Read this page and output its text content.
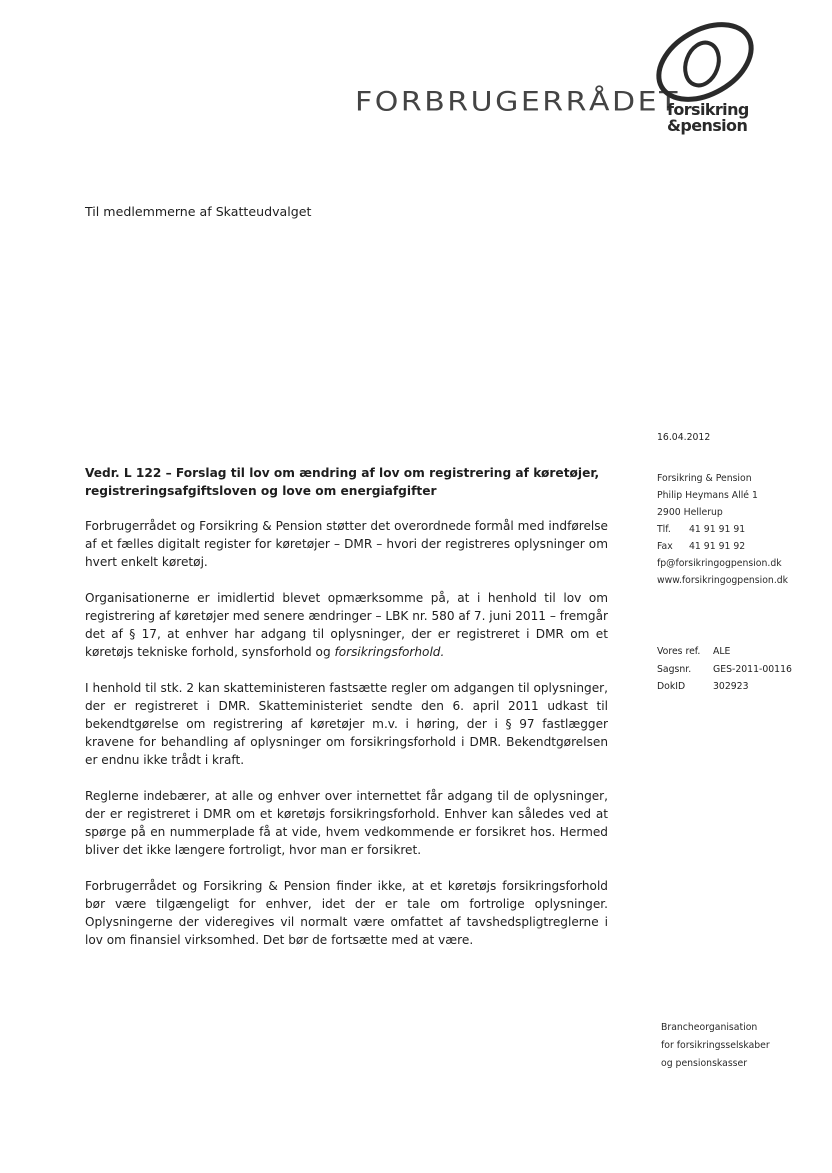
FORBRUGERRÅDET
forsikring
&pension

Til medlemmerne af Skatteudvalget

16.04.2012
Forsikring & Pension
Philip Heymans Allé 1
2900 Hellerup
Tlf.	41 91 91 91
Fax	41 91 91 92
fp@forsikringogpension.dk
www.forsikringogpension.dk
Vores ref.	ALE
Sagsnr.	GES-2011-00116
DokID	302923
Vedr. L 122 – Forslag til lov om ændring af lov om registrering af køretøjer, registreringsafgiftsloven og love om energiafgifter

Forbrugerrådet og Forsikring & Pension støtter det overordnede formål med indførelse af et fælles digitalt register for køretøjer – DMR – hvori der registreres oplysninger om hvert enkelt køretøj.

Organisationerne er imidlertid blevet opmærksomme på, at i henhold til lov om registrering af køretøjer med senere ændringer – LBK nr. 580 af 7. juni 2011 – fremgår det af § 17, at enhver har adgang til oplysninger, der er registreret i DMR om et køretøjs tekniske forhold, synsforhold og forsikringsforhold.

I henhold til stk. 2 kan skatteministeren fastsætte regler om adgangen til oplysninger, der er registreret i DMR. Skatteministeriet sendte den 6. april 2011 udkast til bekendtgørelse om registrering af køretøjer m.v. i høring, der i § 97 fastlægger kravene for behandling af oplysninger om forsikringsforhold i DMR. Bekendtgørelsen er endnu ikke trådt i kraft.

Reglerne indebærer, at alle og enhver over internettet får adgang til de oplysninger, der er registreret i DMR om et køretøjs forsikringsforhold. Enhver kan således ved at spørge på en nummerplade få at vide, hvem vedkommende er forsikret hos. Hermed bliver det ikke længere fortroligt, hvor man er forsikret.

Forbrugerrådet og Forsikring & Pension finder ikke, at et køretøjs forsikringsforhold bør være tilgængeligt for enhver, idet der er tale om fortrolige oplysninger. Oplysningerne der videregives vil normalt være omfattet af tavshedspligtreglerne i lov om finansiel virksomhed. Det bør de fortsætte med at være.

Brancheorganisation
for forsikringsselskaber
og pensionskasser
